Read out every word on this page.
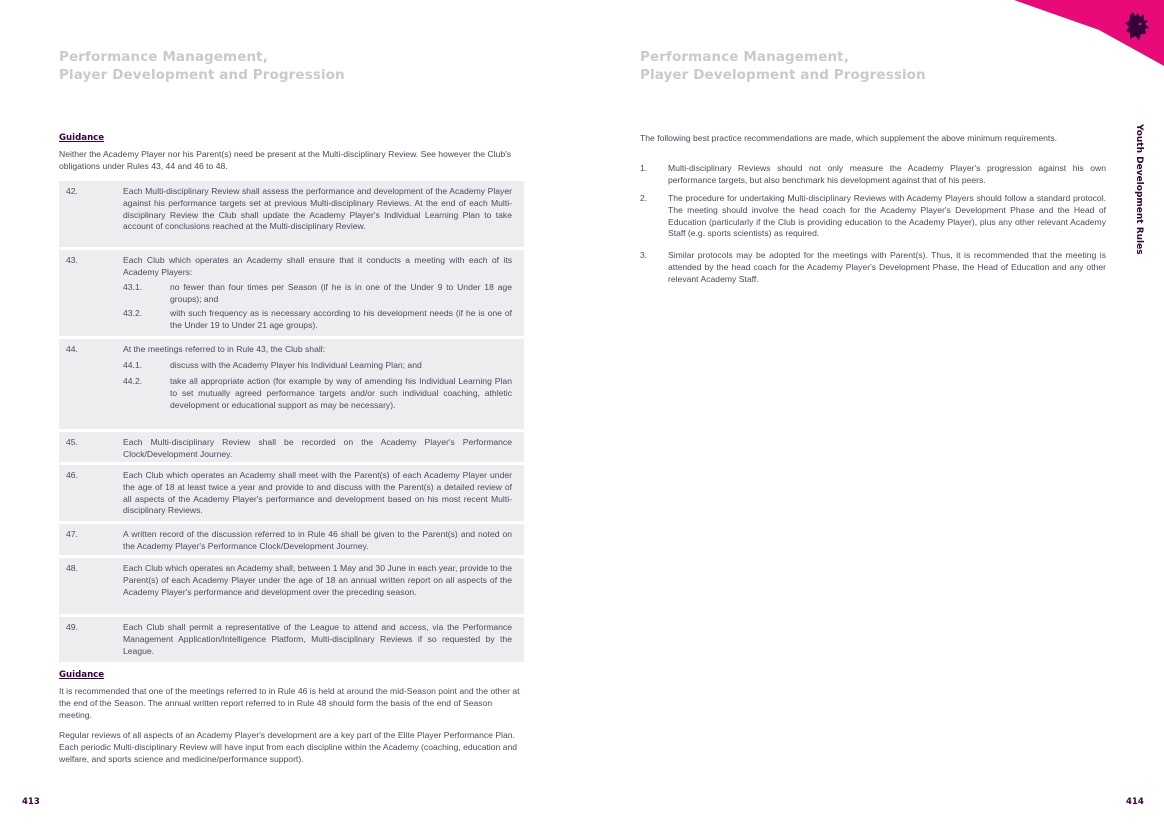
Performance Management,
Player Development and Progression
Performance Management,
Player Development and Progression
Youth Development Rules
Guidance
Neither the Academy Player nor his Parent(s) need be present at the Multi-disciplinary Review. See however the Club's obligations under Rules 43, 44 and 46 to 48.
42.	Each Multi-disciplinary Review shall assess the performance and development of the Academy Player against his performance targets set at previous Multi-disciplinary Reviews. At the end of each Multi-disciplinary Review the Club shall update the Academy Player's Individual Learning Plan to take account of conclusions reached at the Multi-disciplinary Review.
43.	Each Club which operates an Academy shall ensure that it conducts a meeting with each of its Academy Players:
43.1.	no fewer than four times per Season (if he is in one of the Under 9 to Under 18 age groups); and
43.2.	with such frequency as is necessary according to his development needs (if he is one of the Under 19 to Under 21 age groups).
44.	At the meetings referred to in Rule 43, the Club shall:
44.1.	discuss with the Academy Player his Individual Learning Plan; and
44.2.	take all appropriate action (for example by way of amending his Individual Learning Plan to set mutually agreed performance targets and/or such individual coaching, athletic development or educational support as may be necessary).
45.	Each Multi-disciplinary Review shall be recorded on the Academy Player's Performance Clock/Development Journey.
46.	Each Club which operates an Academy shall meet with the Parent(s) of each Academy Player under the age of 18 at least twice a year and provide to and discuss with the Parent(s) a detailed review of all aspects of the Academy Player's performance and development based on his most recent Multi-disciplinary Reviews.
47.	A written record of the discussion referred to in Rule 46 shall be given to the Parent(s) and noted on the Academy Player's Performance Clock/Development Journey.
48.	Each Club which operates an Academy shall, between 1 May and 30 June in each year, provide to the Parent(s) of each Academy Player under the age of 18 an annual written report on all aspects of the Academy Player's performance and development over the preceding season.
49.	Each Club shall permit a representative of the League to attend and access, via the Performance Management Application/Intelligence Platform, Multi-disciplinary Reviews if so requested by the League.
Guidance
It is recommended that one of the meetings referred to in Rule 46 is held at around the mid-Season point and the other at the end of the Season. The annual written report referred to in Rule 48 should form the basis of the end of Season meeting.
Regular reviews of all aspects of an Academy Player's development are a key part of the Elite Player Performance Plan. Each periodic Multi-disciplinary Review will have input from each discipline within the Academy (coaching, education and welfare, and sports science and medicine/performance support).
The following best practice recommendations are made, which supplement the above minimum requirements.
1. Multi-disciplinary Reviews should not only measure the Academy Player's progression against his own performance targets, but also benchmark his development against that of his peers.
2. The procedure for undertaking Multi-disciplinary Reviews with Academy Players should follow a standard protocol. The meeting should involve the head coach for the Academy Player's Development Phase and the Head of Education (particularly if the Club is providing education to the Academy Player), plus any other relevant Academy Staff (e.g. sports scientists) as required.
3. Similar protocols may be adopted for the meetings with Parent(s). Thus, it is recommended that the meeting is attended by the head coach for the Academy Player's Development Phase, the Head of Education and any other relevant Academy Staff.
413	414
